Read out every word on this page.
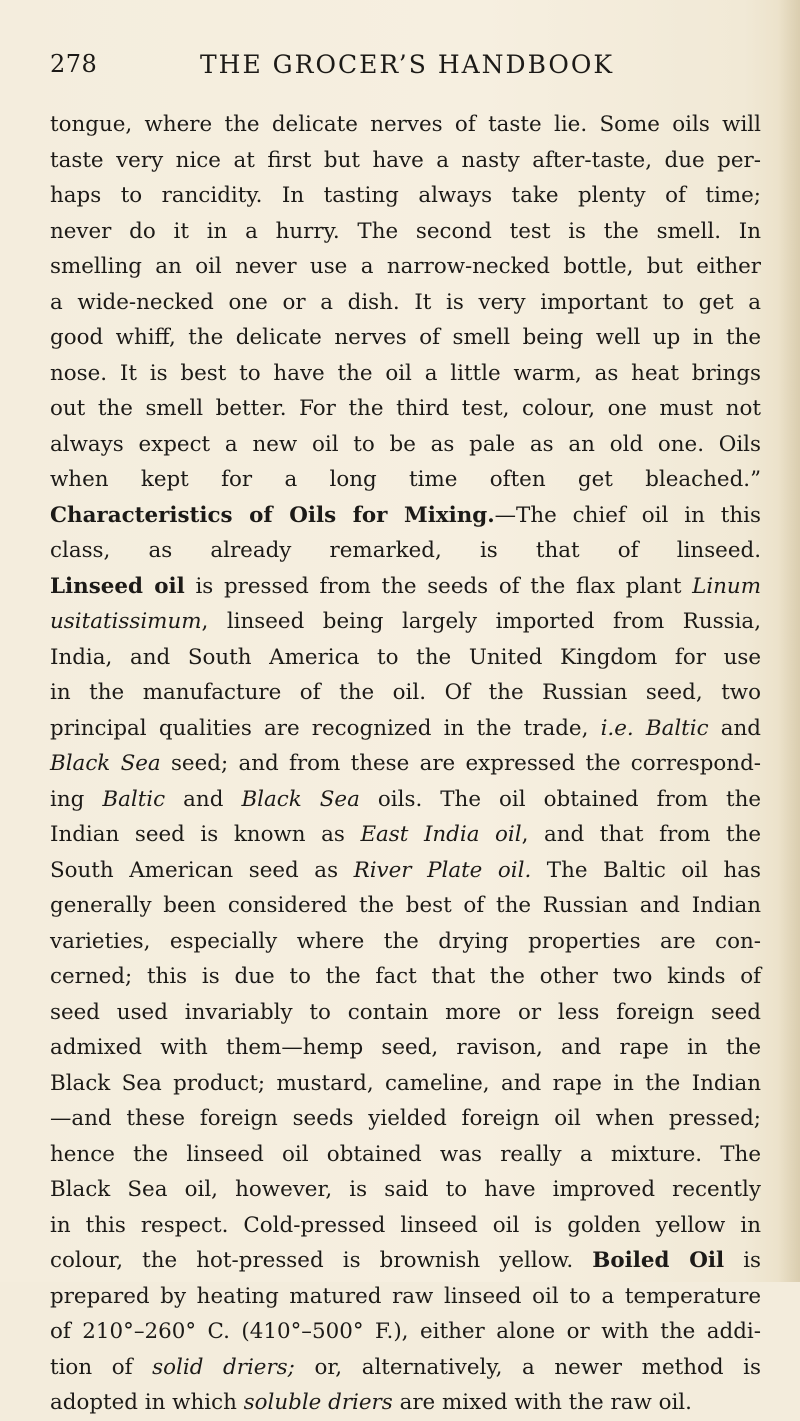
278	THE GROCER’S HANDBOOK
tongue, where the delicate nerves of taste lie. Some oils will
taste very nice at first but have a nasty after-taste, due per-
haps to rancidity. In tasting always take plenty of time;
never do it in a hurry. The second test is the smell. In
smelling an oil never use a narrow-necked bottle, but either
a wide-necked one or a dish. It is very important to get a
good whiff, the delicate nerves of smell being well up in the
nose. It is best to have the oil a little warm, as heat brings
out the smell better. For the third test, colour, one must not
always expect a new oil to be as pale as an old one. Oils
when kept for a long time often get bleached.”
Characteristics of Oils for Mixing.—The chief oil in this
class, as already remarked, is that of linseed.
Linseed oil is pressed from the seeds of the flax plant Linum
usitatissimum, linseed being largely imported from Russia,
India, and South America to the United Kingdom for use
in the manufacture of the oil. Of the Russian seed, two
principal qualities are recognized in the trade, i.e. Baltic and
Black Sea seed; and from these are expressed the correspond-
ing Baltic and Black Sea oils. The oil obtained from the
Indian seed is known as East India oil, and that from the
South American seed as River Plate oil. The Baltic oil has
generally been considered the best of the Russian and Indian
varieties, especially where the drying properties are con-
cerned; this is due to the fact that the other two kinds of
seed used invariably to contain more or less foreign seed
admixed with them—hemp seed, ravison, and rape in the
Black Sea product; mustard, cameline, and rape in the Indian
—and these foreign seeds yielded foreign oil when pressed;
hence the linseed oil obtained was really a mixture. The
Black Sea oil, however, is said to have improved recently
in this respect. Cold-pressed linseed oil is golden yellow in
colour, the hot-pressed is brownish yellow. Boiled Oil is
prepared by heating matured raw linseed oil to a temperature
of 210°–260° C. (410°–500° F.), either alone or with the addi-
tion of solid driers; or, alternatively, a newer method is
adopted in which soluble driers are mixed with the raw oil.
